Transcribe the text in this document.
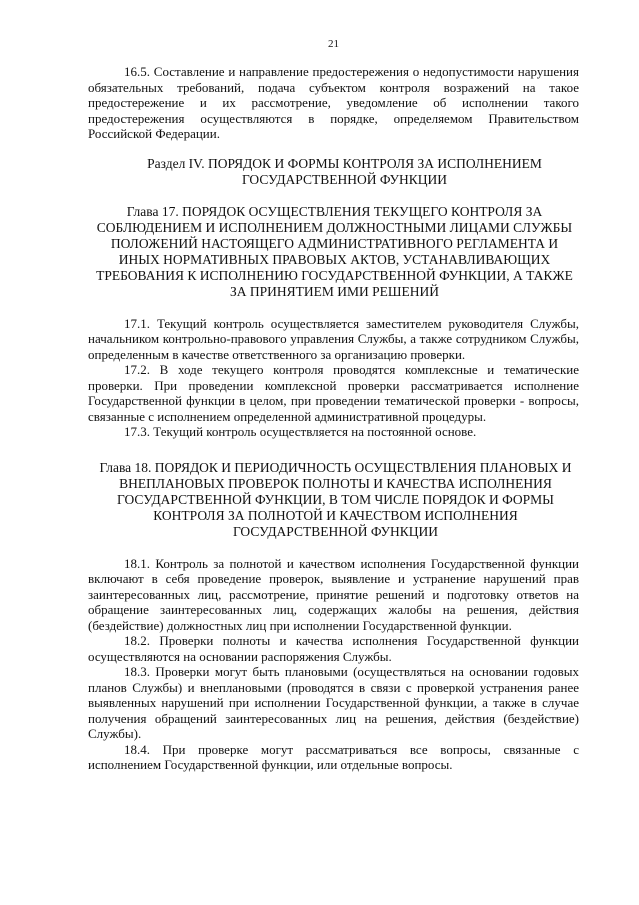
21

16.5. Составление и направление предостережения о недопустимости нарушения обязательных требований, подача субъектом контроля возражений на такое предостережение и их рассмотрение, уведомление об исполнении такого предостережения осуществляются в порядке, определяемом Правительством Российской Федерации.

Раздел IV. ПОРЯДОК И ФОРМЫ КОНТРОЛЯ ЗА ИСПОЛНЕНИЕМ ГОСУДАРСТВЕННОЙ ФУНКЦИИ
Глава 17. ПОРЯДОК ОСУЩЕСТВЛЕНИЯ ТЕКУЩЕГО КОНТРОЛЯ ЗА СОБЛЮДЕНИЕМ И ИСПОЛНЕНИЕМ ДОЛЖНОСТНЫМИ ЛИЦАМИ СЛУЖБЫ ПОЛОЖЕНИЙ НАСТОЯЩЕГО АДМИНИСТРАТИВНОГО РЕГЛАМЕНТА И ИНЫХ НОРМАТИВНЫХ ПРАВОВЫХ АКТОВ, УСТАНАВЛИВАЮЩИХ ТРЕБОВАНИЯ К ИСПОЛНЕНИЮ ГОСУДАРСТВЕННОЙ ФУНКЦИИ, А ТАКЖЕ ЗА ПРИНЯТИЕМ ИМИ РЕШЕНИЙ

17.1. Текущий контроль осуществляется заместителем руководителя Службы, начальником контрольно-правового управления Службы, а также сотрудником Службы, определенным в качестве ответственного за организацию проверки.

17.2. В ходе текущего контроля проводятся комплексные и тематические проверки. При проведении комплексной проверки рассматривается исполнение Государственной функции в целом, при проведении тематической проверки - вопросы, связанные с исполнением определенной административной процедуры.

17.3. Текущий контроль осуществляется на постоянной основе.

Глава 18. ПОРЯДОК И ПЕРИОДИЧНОСТЬ ОСУЩЕСТВЛЕНИЯ ПЛАНОВЫХ И ВНЕПЛАНОВЫХ ПРОВЕРОК ПОЛНОТЫ И КАЧЕСТВА ИСПОЛНЕНИЯ ГОСУДАРСТВЕННОЙ ФУНКЦИИ, В ТОМ ЧИСЛЕ ПОРЯДОК И ФОРМЫ КОНТРОЛЯ ЗА ПОЛНОТОЙ И КАЧЕСТВОМ ИСПОЛНЕНИЯ ГОСУДАРСТВЕННОЙ ФУНКЦИИ

18.1. Контроль за полнотой и качеством исполнения Государственной функции включают в себя проведение проверок, выявление и устранение нарушений прав заинтересованных лиц, рассмотрение, принятие решений и подготовку ответов на обращение заинтересованных лиц, содержащих жалобы на решения, действия (бездействие) должностных лиц при исполнении Государственной функции.

18.2. Проверки полноты и качества исполнения Государственной функции осуществляются на основании распоряжения Службы.

18.3. Проверки могут быть плановыми (осуществляться на основании годовых планов Службы) и внеплановыми (проводятся в связи с проверкой устранения ранее выявленных нарушений при исполнении Государственной функции, а также в случае получения обращений заинтересованных лиц на решения, действия (бездействие) Службы).

18.4. При проверке могут рассматриваться все вопросы, связанные с исполнением Государственной функции, или отдельные вопросы.
